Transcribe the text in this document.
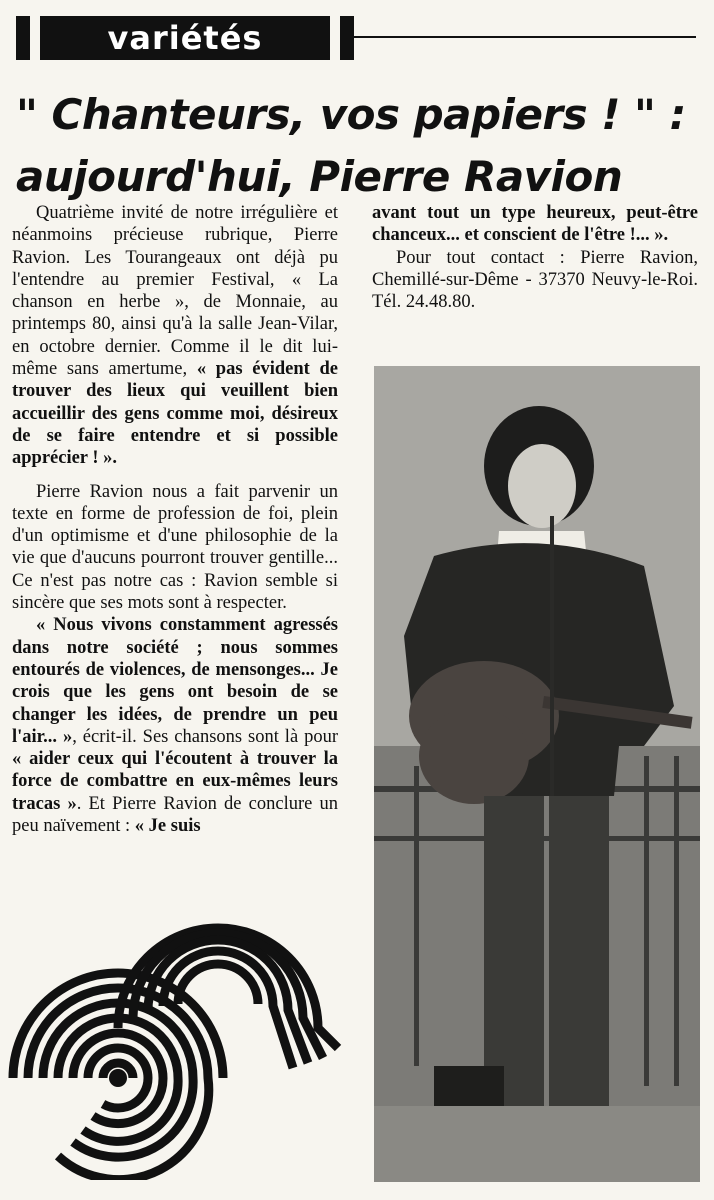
variétés
" Chanteurs, vos papiers ! " :
aujourd'hui, Pierre Ravion

Quatrième invité de notre irrégulière et néanmoins précieuse rubrique, Pierre Ravion. Les Tourangeaux ont déjà pu l'entendre au premier Festival, « La chanson en herbe », de Monnaie, au printemps 80, ainsi qu'à la salle Jean-Vilar, en octobre dernier. Comme il le dit lui-même sans amertume, « pas évident de trouver des lieux qui veuillent bien accueillir des gens comme moi, désireux de se faire entendre et si possible apprécier ! ».

Pierre Ravion nous a fait parvenir un texte en forme de profession de foi, plein d'un optimisme et d'une philosophie de la vie que d'aucuns pourront trouver gentille... Ce n'est pas notre cas : Ravion semble si sincère que ses mots sont à respecter.

« Nous vivons constamment agressés dans notre société ; nous sommes entourés de violences, de mensonges... Je crois que les gens ont besoin de se changer les idées, de prendre un peu l'air... », écrit-il. Ses chansons sont là pour « aider ceux qui l'écoutent à trouver la force de combattre en eux-mêmes leurs tracas ». Et Pierre Ravion de conclure un peu naïvement : « Je suis

avant tout un type heureux, peut-être chanceux... et conscient de l'être !... ».

Pour tout contact : Pierre Ravion, Chemillé-sur-Dême - 37370 Neuvy-le-Roi. Tél. 24.48.80.
